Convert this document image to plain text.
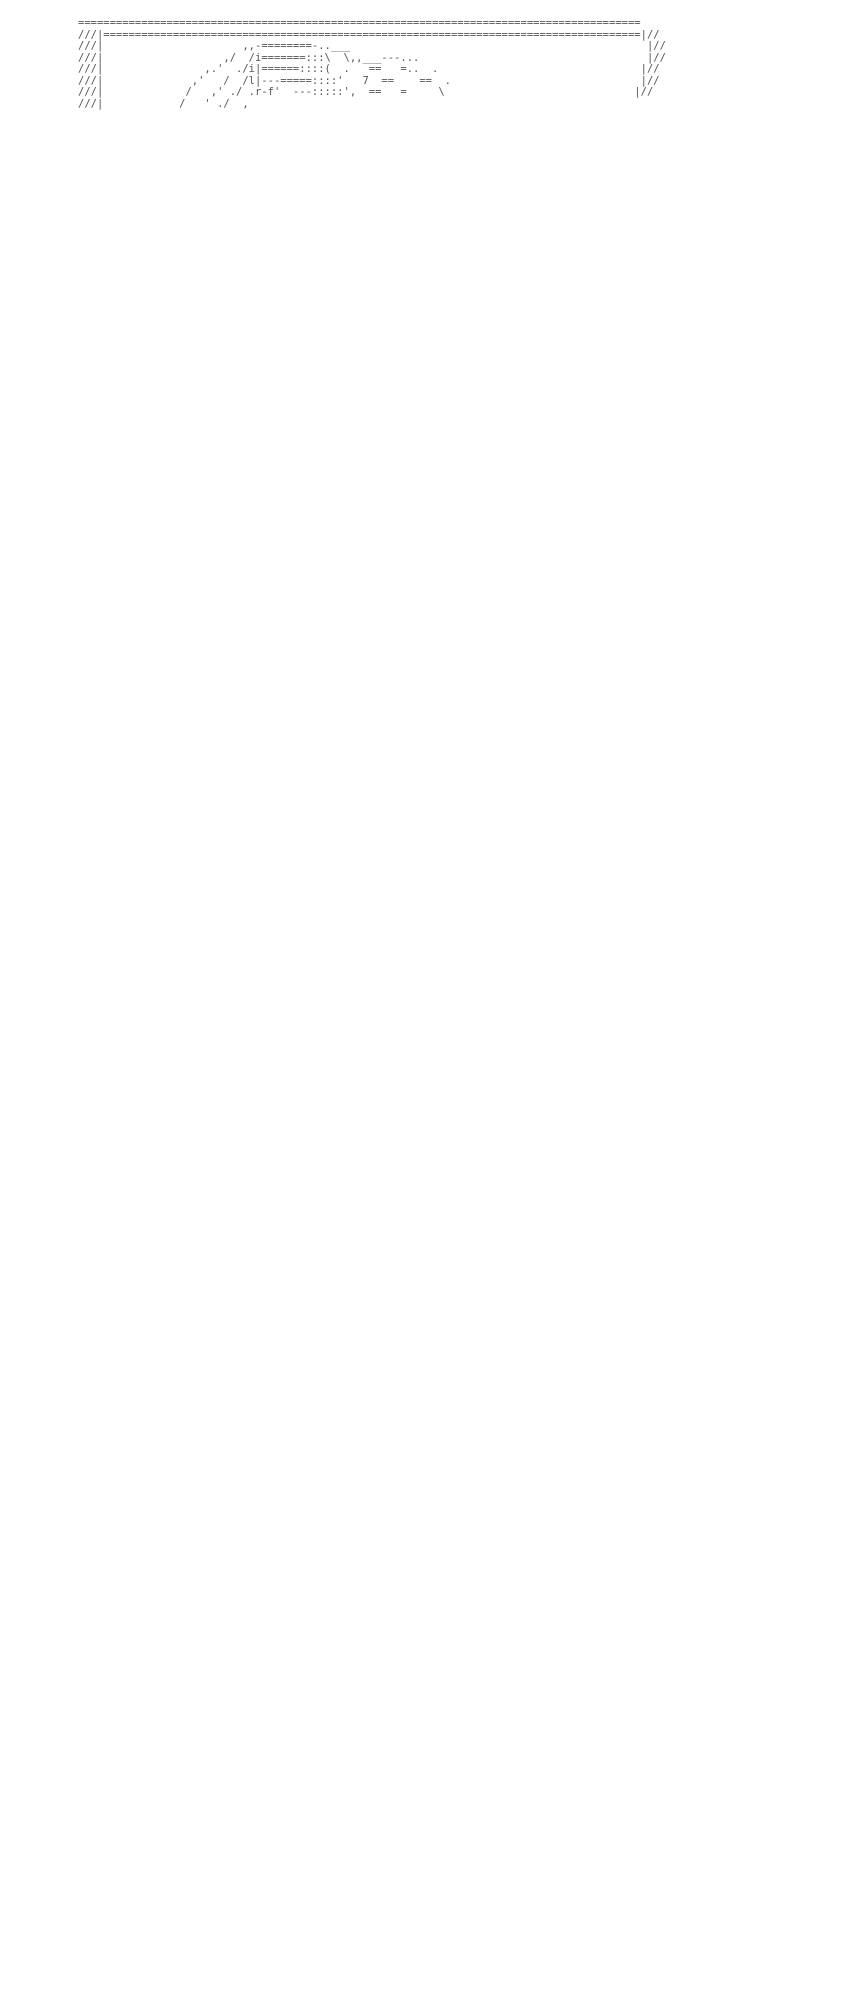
=========================================================================================
///|=====================================================================================|//
///|                      ,,-========-..___                                               |//
///|                   ,/  /i=======:::\  \,,___---...                                    |//
///|                ,.'  ./i|======::::(  .   ==   =..  .                                |//
///|              ,'   /  /l|---=====::::'   7  ==    ==  .                              |//
///|             /   ,' ./ .r-f'  ---:::::',  ==   =     \                              |//
///|            /   ' ./  ,
